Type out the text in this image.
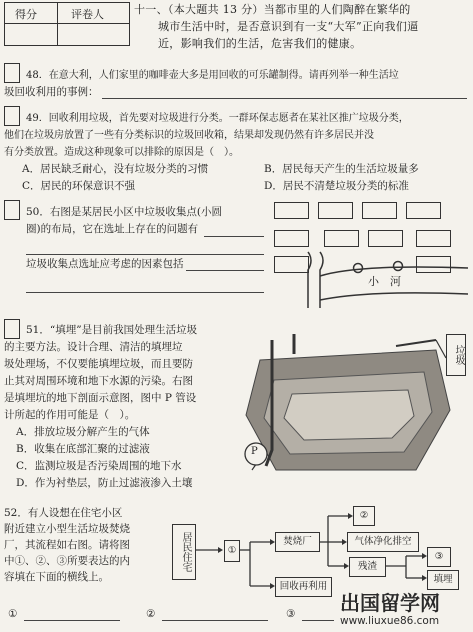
得分	评卷人	十一、（本大题共 13 分）当都市里的人们陶醉在繁华的
城市生活中时，是否意识到有一支“大军”正向我们逼
近，影响我们的生活，危害我们的健康。
48．在意大利，人们家里的咖啡壶大多是用回收的可乐罐制得。请再列举一种生活垃
圾回收利用的事例：
49．回收利用垃圾，首先要对垃圾进行分类。一群环保志愿者在某社区推广垃圾分类，
他们在垃圾房放置了一些有分类标识的垃圾回收箱，结果却发现仍然有许多居民并没
有分类放置。造成这种现象可以排除的原因是（　）。
A．居民缺乏耐心，没有垃圾分类的习惯	B．居民每天产生的生活垃圾量多
C．居民的环保意识不强	D．居民不清楚垃圾分类的标准
50．右图是某居民小区中垃圾收集点(小圆
圈)的布局，它在选址上存在的问题有
垃圾收集点选址应考虑的因素包括
小　河
51．“填埋”是目前我国处理生活垃圾
的主要方法。设计合理、清洁的填埋垃
圾处理场，不仅要能填埋垃圾，而且要防
止其对周围环境和地下水源的污染。右图
是填埋坑的地下剖面示意图，图中 P 管设
计所起的作用可能是（　）。
A．排放垃圾分解产生的气体
B．收集在底部汇聚的过滤液
C．监测垃圾是否污染周围的地下水
D．作为衬垫层，防止过滤液渗入土壤
垃圾
P
52．有人设想在住宅小区
附近建立小型生活垃圾焚烧
厂，其流程如右图。请将图
中①、②、③所要表达的内
容填在下面的横线上。
居民住宅	①
焚烧厂
②
气体净化排空
残渣
回收再利用
③
填埋
①	②	③ 出国留学网
www.liuxue86.com
